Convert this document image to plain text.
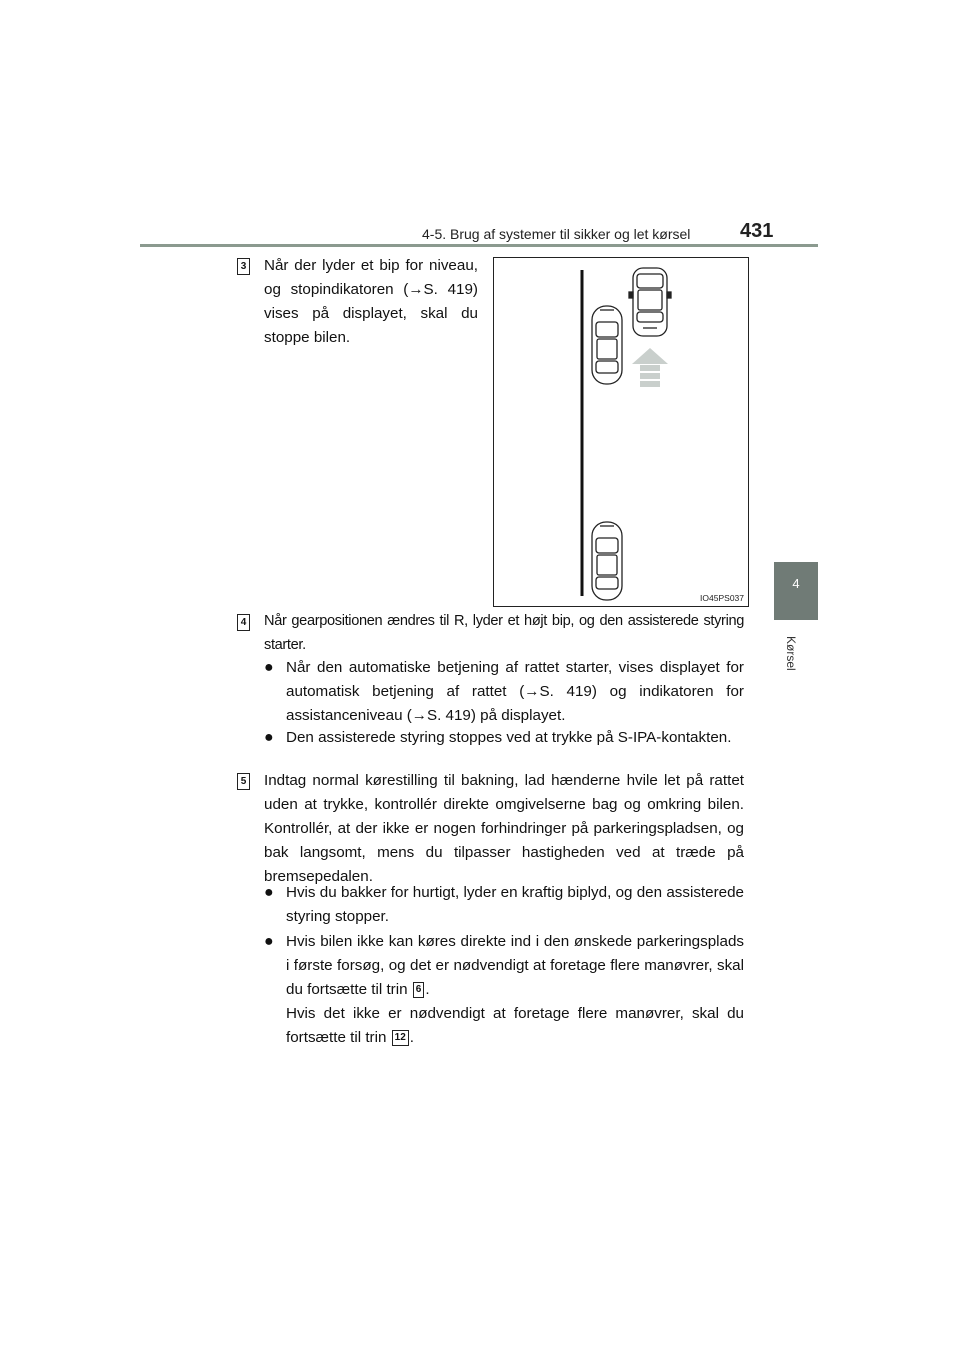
4-5. Brug af systemer til sikker og let kørsel 431
4
Kørsel
3 Når der lyder et bip for niveau, og stopindikatoren (→S. 419) vises på displayet, skal du stoppe bilen.
IO45PS037
4 Når gearpositionen ændres til R, lyder et højt bip, og den assisterede styring starter.
● Når den automatiske betjening af rattet starter, vises displayet for automatisk betjening af rattet (→S. 419) og indikatoren for assistanceniveau (→S. 419) på displayet.
● Den assisterede styring stoppes ved at trykke på S-IPA-kontakten.
5 Indtag normal kørestilling til bakning, lad hænderne hvile let på rattet uden at trykke, kontrollér direkte omgivelserne bag og omkring bilen. Kontrollér, at der ikke er nogen forhindringer på parkeringspladsen, og bak langsomt, mens du tilpasser hastigheden ved at træde på bremsepedalen.
● Hvis du bakker for hurtigt, lyder en kraftig biplyd, og den assisterede styring stopper.
● Hvis bilen ikke kan køres direkte ind i den ønskede parkeringsplads i første forsøg, og det er nødvendigt at foretage flere manøvrer, skal du fortsætte til trin 6 .
Hvis det ikke er nødvendigt at foretage flere manøvrer, skal du fortsætte til trin 12 .
